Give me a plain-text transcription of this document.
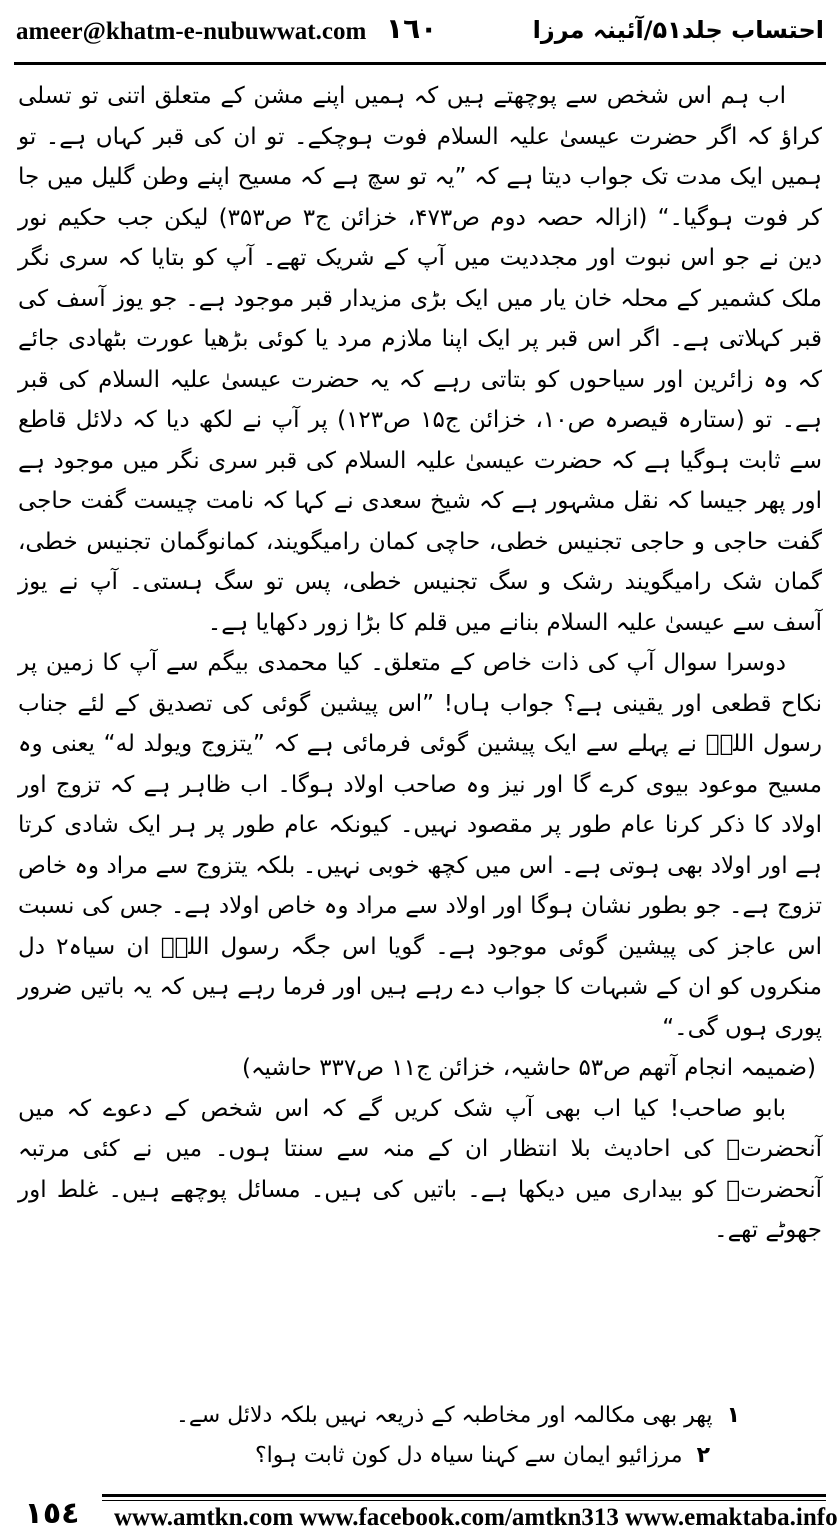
ameer@khatm-e-nubuwwat.com ١٦٠	احتساب جلد۵۱/آئینہ مرزا

اب ہم اس شخص سے پوچھتے ہیں کہ ہمیں اپنے مشن کے متعلق اتنی تو تسلی کراؤ کہ اگر حضرت عیسیٰ علیہ السلام فوت ہوچکے۔ تو ان کی قبر کہاں ہے۔ تو ہمیں ایک مدت تک جواب دیتا ہے کہ ”یہ تو سچ ہے کہ مسیح اپنے وطن گلیل میں جا کر فوت ہوگیا۔“ (ازالہ حصہ دوم ص۴۷۳، خزائن ج۳ ص۳۵۳) لیکن جب حکیم نور دین نے جو اس نبوت اور مجددیت میں آپ کے شریک تھے۔ آپ کو بتایا کہ سری نگر ملک کشمیر کے محلہ خان یار میں ایک بڑی مزیدار قبر موجود ہے۔ جو یوز آسف کی قبر کہلاتی ہے۔ اگر اس قبر پر ایک اپنا ملازم مرد یا کوئی بڑھیا عورت بٹھادی جائے کہ وہ زائرین اور سیاحوں کو بتاتی رہے کہ یہ حضرت عیسیٰ علیہ السلام کی قبر ہے۔ تو (ستارہ قیصرہ ص۱۰، خزائن ج۱۵ ص۱۲۳) پر آپ نے لکھ دیا کہ دلائل قاطع سے ثابت ہوگیا ہے کہ حضرت عیسیٰ علیہ السلام کی قبر سری نگر میں موجود ہے اور پھر جیسا کہ نقل مشہور ہے کہ شیخ سعدی نے کہا کہ نامت چیست گفت حاجی گفت حاجی و حاجی تجنیس خطی، حاچی کمان رامیگویند، کمانوگمان تجنیس خطی، گمان شک رامیگویند رشک و سگ تجنیس خطی، پس تو سگ ہستی۔ آپ نے یوز آسف سے عیسیٰ علیہ السلام بنانے میں قلم کا بڑا زور دکھایا ہے۔

دوسرا سوال آپ کی ذات خاص کے متعلق۔ کیا محمدی بیگم سے آپ کا زمین پر نکاح قطعی اور یقینی ہے؟ جواب ہاں! ”اس پیشین گوئی کی تصدیق کے لئے جناب رسول اللہؐ نے پہلے سے ایک پیشین گوئی فرمائی ہے کہ ”یتزوج ویولد له“ یعنی وہ مسیح موعود بیوی کرے گا اور نیز وہ صاحب اولاد ہوگا۔ اب ظاہر ہے کہ تزوج اور اولاد کا ذکر کرنا عام طور پر مقصود نہیں۔ کیونکہ عام طور پر ہر ایک شادی کرتا ہے اور اولاد بھی ہوتی ہے۔ اس میں کچھ خوبی نہیں۔ بلکہ یتزوج سے مراد وہ خاص تزوج ہے۔ جو بطور نشان ہوگا اور اولاد سے مراد وہ خاص اولاد ہے۔ جس کی نسبت اس عاجز کی پیشین گوئی موجود ہے۔ گویا اس جگہ رسول اللہؐ ان سیاہ۲ دل منکروں کو ان کے شبہات کا جواب دے رہے ہیں اور فرما رہے ہیں کہ یہ باتیں ضرور پوری ہوں گی۔“

(ضمیمہ انجام آتھم ص۵۳ حاشیہ، خزائن ج۱۱ ص۳۳۷ حاشیہ)

بابو صاحب! کیا اب بھی آپ شک کریں گے کہ اس شخص کے دعوے کہ میں آنحضرتؐ کی احادیث بلا انتظار ان کے منہ سے سنتا ہوں۔ میں نے کئی مرتبہ آنحضرتؐ کو بیداری میں دیکھا ہے۔ باتیں کی ہیں۔ مسائل پوچھے ہیں۔ غلط اور جھوٹے تھے۔

۱پھر بھی مکالمہ اور مخاطبہ کے ذریعہ نہیں بلکہ دلائل سے۔

۲مرزائیو ایمان سے کہنا سیاہ دل کون ثابت ہوا؟

١٥٤	www.amtkn.com www.facebook.com/amtkn313 www.emaktaba.info
